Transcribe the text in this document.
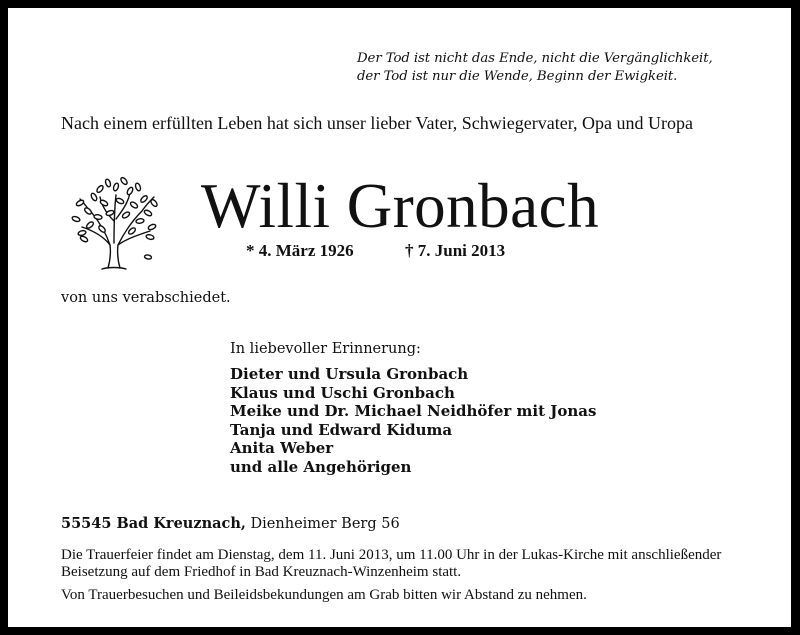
Der Tod ist nicht das Ende, nicht die Vergänglichkeit,
der Tod ist nur die Wende, Beginn der Ewigkeit.
Nach einem erfüllten Leben hat sich unser lieber Vater, Schwiegervater, Opa und Uropa
Willi Gronbach
* 4. März 1926	† 7. Juni 2013
von uns verabschiedet.
In liebevoller Erinnerung:
Dieter und Ursula Gronbach
Klaus und Uschi Gronbach
Meike und Dr. Michael Neidhöfer mit Jonas
Tanja und Edward Kiduma
Anita Weber
und alle Angehörigen
55545 Bad Kreuznach, Dienheimer Berg 56
Die Trauerfeier findet am Dienstag, dem 11. Juni 2013, um 11.00 Uhr in der Lukas-Kirche mit anschließender Beisetzung auf dem Friedhof in Bad Kreuznach-Winzenheim statt.
Von Trauerbesuchen und Beileidsbekundungen am Grab bitten wir Abstand zu nehmen.
